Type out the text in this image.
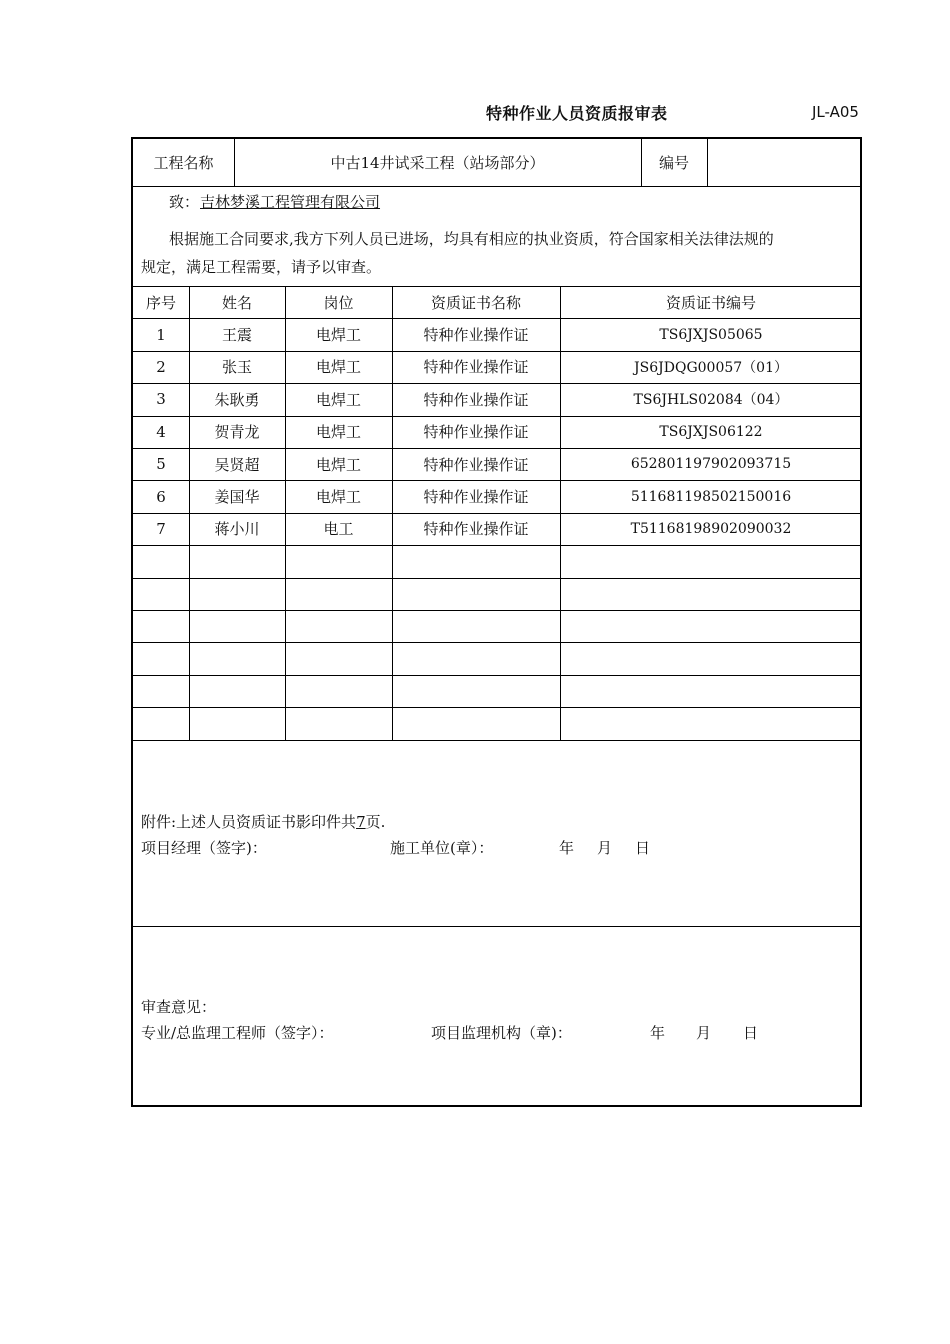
特种作业人员资质报审表	JL-A05
工程名称	中古14井试采工程（站场部分）	编号
致： 吉林梦溪工程管理有限公司
根据施工合同要求,我方下列人员已进场，均具有相应的执业资质，符合国家相关法律法规的
规定，满足工程需要，请予以审查。
序号	姓名	岗位	资质证书名称	资质证书编号
1	王震	电焊工	特种作业操作证	TS6JXJS05065
2	张玉	电焊工	特种作业操作证	JS6JDQG00057（01）
3	朱耿勇	电焊工	特种作业操作证	TS6JHLS02084（04）
4	贺青龙	电焊工	特种作业操作证	TS6JXJS06122
5	吴贤超	电焊工	特种作业操作证	652801197902093715
6	姜国华	电焊工	特种作业操作证	511681198502150016
7	蒋小川	电工	特种作业操作证	T51168198902090032
附件:上述人员资质证书影印件共7页.
项目经理（签字)：	施工单位(章）：	年 月 日
审查意见：
专业/总监理工程师（签字）：	项目监理机构（章)：	年 月 日
